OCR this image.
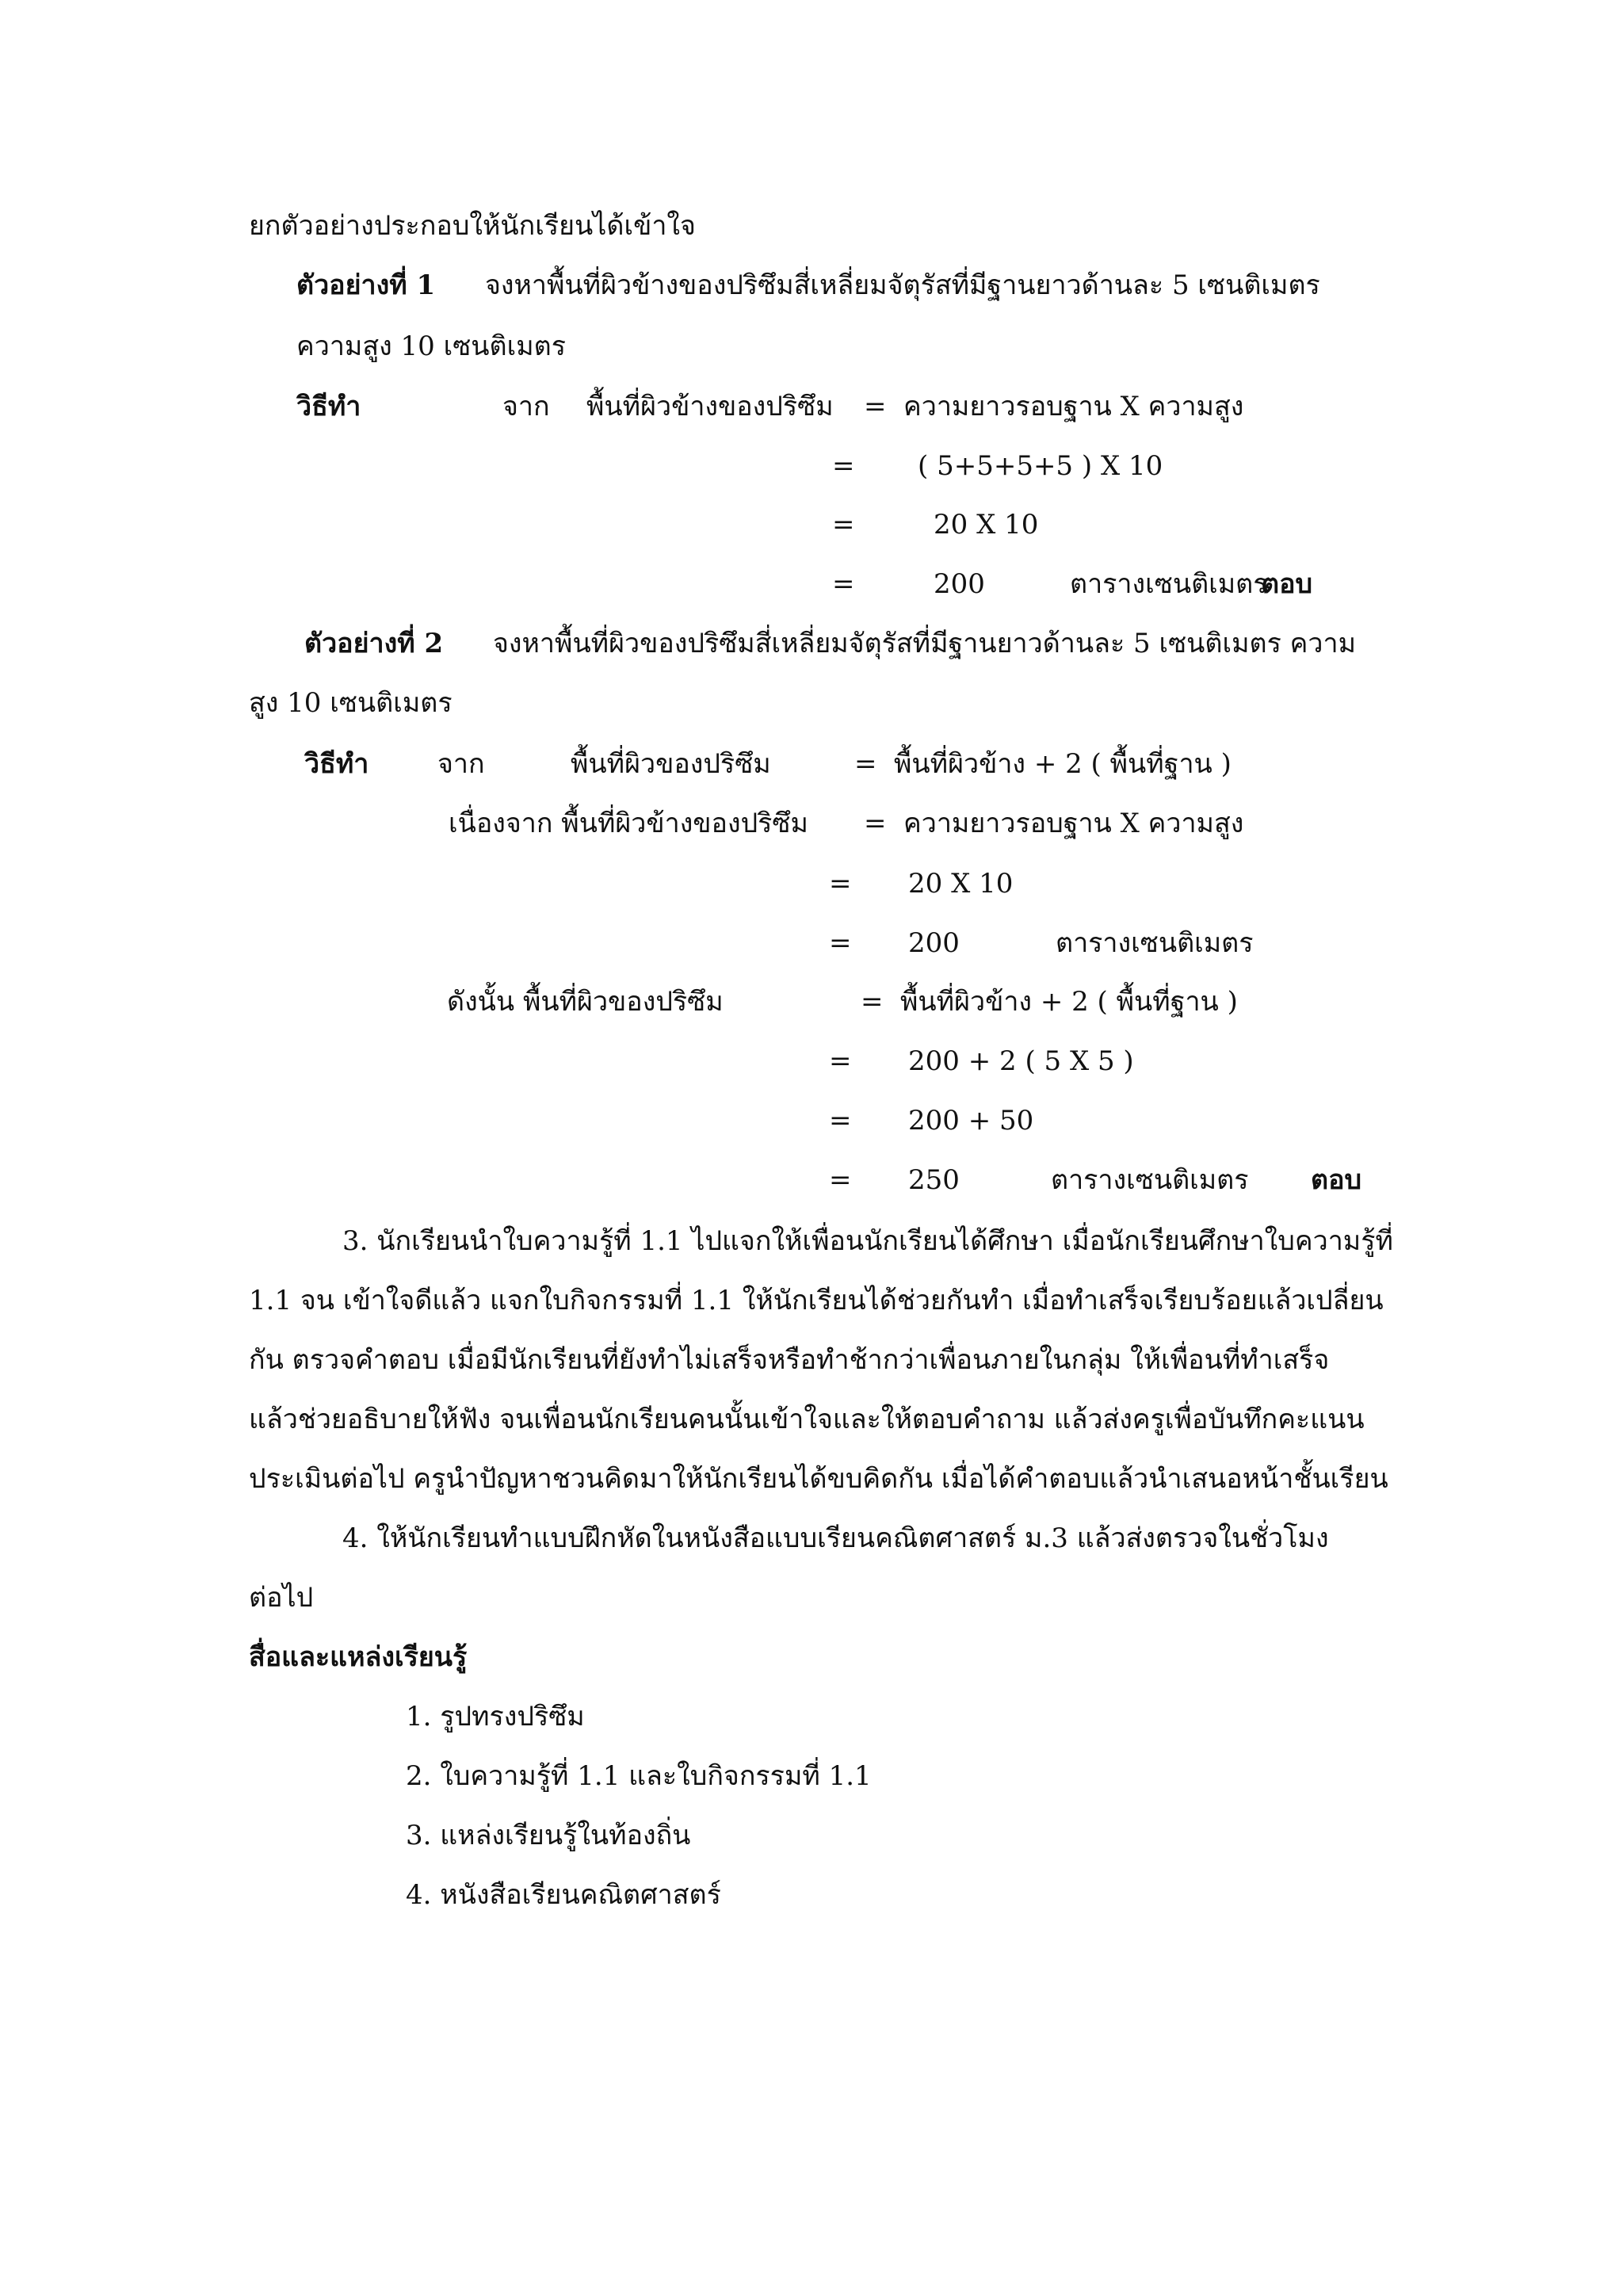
ยกตัวอย่างประกอบให้นักเรียนได้เข้าใจ
ตัวอย่างที่ 1 จงหาพื้นที่ผิวข้างของปริซึมสี่เหลี่ยมจัตุรัสที่มีฐานยาวด้านละ 5 เซนติเมตร
ความสูง 10 เซนติเมตร
วิธีทำ	จาก พื้นที่ผิวข้างของปริซึม = ความยาวรอบฐาน X ความสูง
= ( 5+5+5+5 ) X 10
=	20 X 10
=	200	ตารางเซนติเมตร
ตอบ
ตัวอย่างที่ 2 จงหาพื้นที่ผิวของปริซึมสี่เหลี่ยมจัตุรัสที่มีฐานยาวด้านละ 5 เซนติเมตร ความ
สูง 10 เซนติเมตร
วิธีทำ	จาก	พื้นที่ผิวของปริซึม	= พื้นที่ผิวข้าง + 2 ( พื้นที่ฐาน )
เนื่องจาก พื้นที่ผิวข้างของปริซึม = ความยาวรอบฐาน X ความสูง
= 20 X 10
= 200	ตารางเซนติเมตร
ดังนั้น พื้นที่ผิวของปริซึม	= พื้นที่ผิวข้าง + 2 ( พื้นที่ฐาน )
= 200 + 2 ( 5 X 5 )
= 200 + 50
= 250	ตารางเซนติเมตร ตอบ
3. นักเรียนนำใบความรู้ที่ 1.1 ไปแจกให้เพื่อนนักเรียนได้ศึกษา เมื่อนักเรียนศึกษาใบความรู้ที่
1.1 จน เข้าใจดีแล้ว แจกใบกิจกรรมที่ 1.1 ให้นักเรียนได้ช่วยกันทำ เมื่อทำเสร็จเรียบร้อยแล้วเปลี่ยน
กัน ตรวจคำตอบ เมื่อมีนักเรียนที่ยังทำไม่เสร็จหรือทำช้ากว่าเพื่อนภายในกลุ่ม ให้เพื่อนที่ทำเสร็จ
แล้วช่วยอธิบายให้ฟัง จนเพื่อนนักเรียนคนนั้นเข้าใจและให้ตอบคำถาม แล้วส่งครูเพื่อบันทึกคะแนน
ประเมินต่อไป ครูนำปัญหาชวนคิดมาให้นักเรียนได้ขบคิดกัน เมื่อได้คำตอบแล้วนำเสนอหน้าชั้นเรียน
4. ให้นักเรียนทำแบบฝึกหัดในหนังสือแบบเรียนคณิตศาสตร์ ม.3 แล้วส่งตรวจในชั่วโมง
ต่อไป
สื่อและแหล่งเรียนรู้
1. รูปทรงปริซึม
2. ใบความรู้ที่ 1.1 และใบกิจกรรมที่ 1.1
3. แหล่งเรียนรู้ในท้องถิ่น
4. หนังสือเรียนคณิตศาสตร์
